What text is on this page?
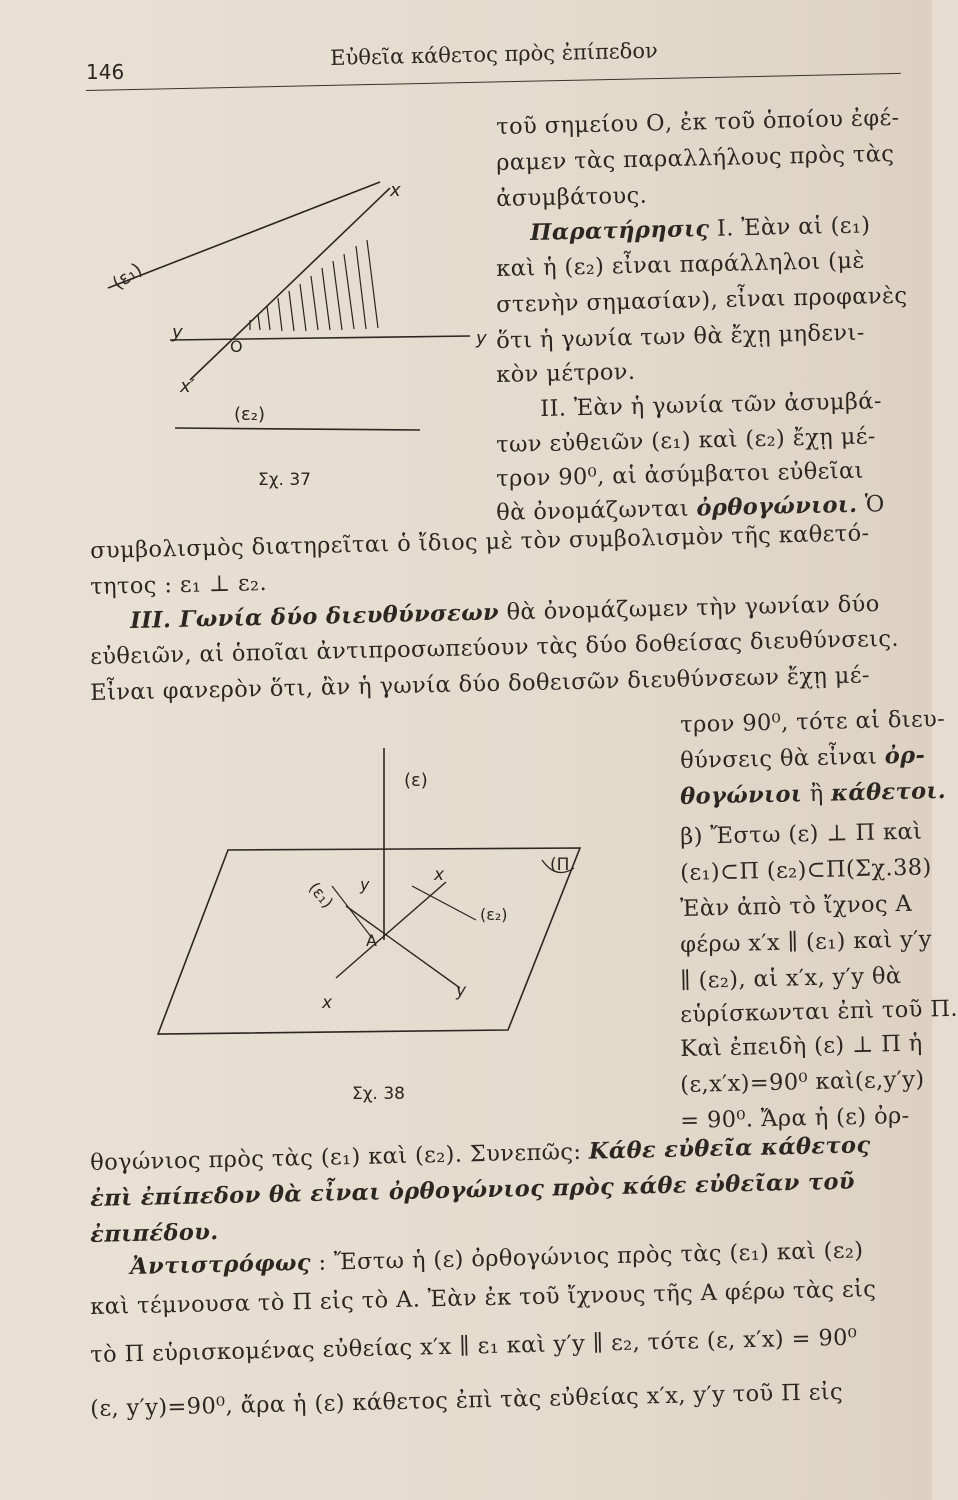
146
Εὐθεῖα κάθετος πρὸς ἐπίπεδον
(ε₁)
x
y	y
O
x′
(ε₂)
Σχ. 37
(ε)
(Π
(ε₁) y	x
(ε₂)
A
x
y
Σχ. 38
τοῦ σημείου Ο, ἐκ τοῦ ὁποίου ἐφέ-
ραμεν τὰς παραλλήλους πρὸς τὰς
ἀσυμβάτους.
Παρατήρησις I. Ἐὰν αἱ (ε₁)
καὶ ἡ (ε₂) εἶναι παράλληλοι (μὲ
στενὴν σημασίαν), εἶναι προφανὲς
ὅτι ἡ γωνία των θὰ ἔχῃ μηδενι-
κὸν μέτρον.
II. Ἐὰν ἡ γωνία τῶν ἀσυμβά-
των εὐθειῶν (ε₁) καὶ (ε₂) ἔχῃ μέ-
τρον 90⁰, αἱ ἀσύμβατοι εὐθεῖαι
θὰ ὀνομάζωνται ὀρθογώνιοι. Ὁ
συμβολισμὸς διατηρεῖται ὁ ἴδιος μὲ τὸν συμβολισμὸν τῆς καθετό-
τητος : ε₁ ⊥ ε₂.
III. Γωνία δύο διευθύνσεων θὰ ὀνομάζωμεν τὴν γωνίαν δύο
εὐθειῶν, αἱ ὁποῖαι ἀντιπροσωπεύουν τὰς δύο δοθείσας διευθύνσεις.
Εἶναι φανερὸν ὅτι, ἂν ἡ γωνία δύο δοθεισῶν διευθύνσεων ἔχῃ μέ-
τρον 90⁰, τότε αἱ διευ-
θύνσεις θὰ εἶναι ὀρ-
θογώνιοι ἢ κάθετοι.
β) Ἔστω (ε) ⊥ Π καὶ
(ε₁)⊂Π (ε₂)⊂Π(Σχ.38)
Ἐὰν ἀπὸ τὸ ἴχνος Α
φέρω x′x ∥ (ε₁) καὶ y′y
∥ (ε₂), αἱ x′x, y′y θὰ
εὑρίσκωνται ἐπὶ τοῦ Π.
Καὶ ἐπειδὴ (ε) ⊥ Π ἡ
(ε,x′x)=90⁰ καὶ(ε,y′y)
= 90⁰. Ἄρα ἡ (ε) ὀρ-
θογώνιος πρὸς τὰς (ε₁) καὶ (ε₂). Συνεπῶς: Κάθε εὐθεῖα κάθετος
ἐπὶ ἐπίπεδον θὰ εἶναι ὀρθογώνιος πρὸς κάθε εὐθεῖαν τοῦ
ἐπιπέδου.
Ἀντιστρόφως : Ἔστω ἡ (ε) ὀρθογώνιος πρὸς τὰς (ε₁) καὶ (ε₂)
καὶ τέμνουσα τὸ Π εἰς τὸ Α. Ἐὰν ἐκ τοῦ ἴχνους τῆς Α φέρω τὰς εἰς
τὸ Π εὑρισκομένας εὐθείας x′x ∥ ε₁ καὶ y′y ∥ ε₂, τότε (ε, x′x) = 90⁰
(ε, y′y)=90⁰, ἄρα ἡ (ε) κάθετος ἐπὶ τὰς εὐθείας x′x, y′y τοῦ Π εἰς
